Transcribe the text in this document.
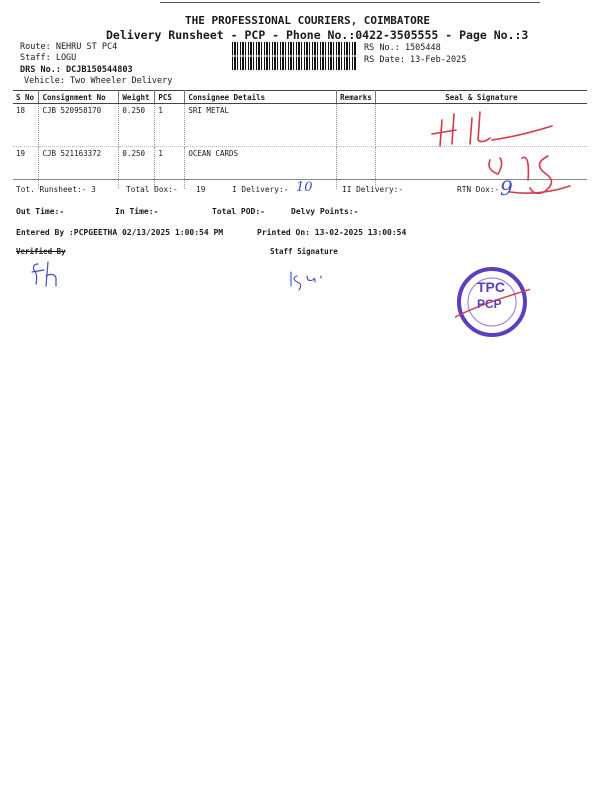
THE PROFESSIONAL COURIERS, COIMBATORE
Delivery Runsheet - PCP - Phone No.:0422-3505555 - Page No.:3
Route: NEHRU ST PC4
Staff: LOGU
DRS No.: DCJB150544803
Vehicle: Two Wheeler Delivery
RS No.: 1505448
RS Date: 13-Feb-2025
S No	Consignment No	Weight	PCS	Consignee Details	Remarks	Seal & Signature
18	CJB 520958170	0.250	1	SRI METAL		
19	CJB 521163372	0.250	1	OCEAN CARDS		
Tot. Runsheet:- 3	Total Dox:- 19	I Delivery:-	II Delivery:-	RTN Dox:-
Out Time:-	In Time:-	Total POD:-	Delvy Points:-
Entered By :PCPGEETHA 02/13/2025 1:00:54 PM	Printed On: 13-02-2025 13:00:54
Verified By	Staff Signature
10	9
TPC
PCP
